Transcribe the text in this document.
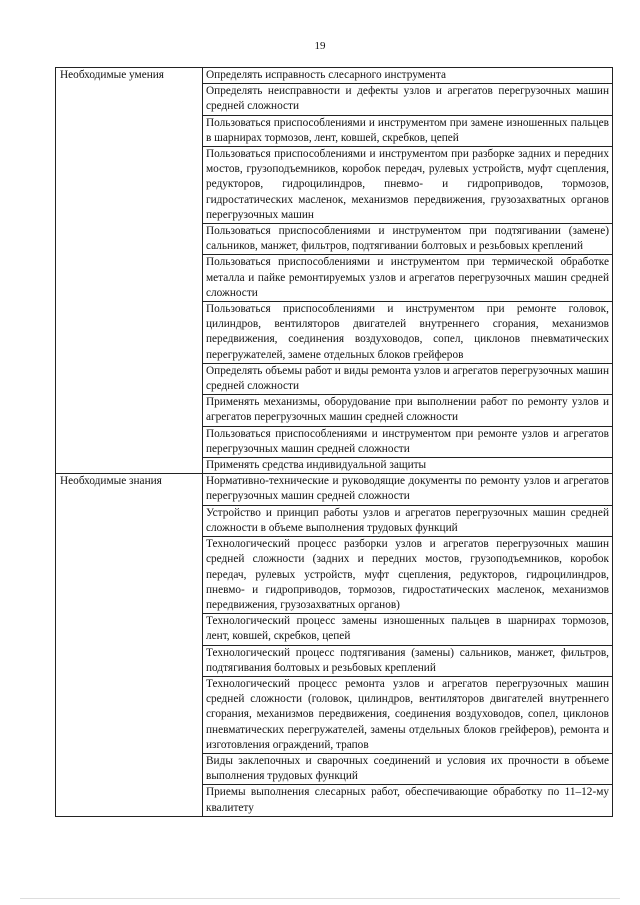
19
Необходимые умения	Определять исправность слесарного инструмента
	Определять неисправности и дефекты узлов и агрегатов перегрузочных машин средней сложности
	Пользоваться приспособлениями и инструментом при замене изношенных пальцев в шарнирах тормозов, лент, ковшей, скребков, цепей
	Пользоваться приспособлениями и инструментом при разборке задних и передних мостов, грузоподъемников, коробок передач, рулевых устройств, муфт сцепления, редукторов, гидроцилиндров, пневмо- и гидроприводов, тормозов, гидростатических масленок, механизмов передвижения, грузозахватных органов перегрузочных машин
	Пользоваться приспособлениями и инструментом при подтягивании (замене) сальников, манжет, фильтров, подтягивании болтовых и резьбовых креплений
	Пользоваться приспособлениями и инструментом при термической обработке металла и пайке ремонтируемых узлов и агрегатов перегрузочных машин средней сложности
	Пользоваться приспособлениями и инструментом при ремонте головок, цилиндров, вентиляторов двигателей внутреннего сгорания, механизмов передвижения, соединения воздуховодов, сопел, циклонов пневматических перегружателей, замене отдельных блоков грейферов
	Определять объемы работ и виды ремонта узлов и агрегатов перегрузочных машин средней сложности
	Применять механизмы, оборудование при выполнении работ по ремонту узлов и агрегатов перегрузочных машин средней сложности
	Пользоваться приспособлениями и инструментом при ремонте узлов и агрегатов перегрузочных машин средней сложности
	Применять средства индивидуальной защиты
Необходимые знания	Нормативно-технические и руководящие документы по ремонту узлов и агрегатов перегрузочных машин средней сложности
	Устройство и принцип работы узлов и агрегатов перегрузочных машин средней сложности в объеме выполнения трудовых функций
	Технологический процесс разборки узлов и агрегатов перегрузочных машин средней сложности (задних и передних мостов, грузоподъемников, коробок передач, рулевых устройств, муфт сцепления, редукторов, гидроцилиндров, пневмо- и гидроприводов, тормозов, гидростатических масленок, механизмов передвижения, грузозахватных органов)
	Технологический процесс замены изношенных пальцев в шарнирах тормозов, лент, ковшей, скребков, цепей
	Технологический процесс подтягивания (замены) сальников, манжет, фильтров, подтягивания болтовых и резьбовых креплений
	Технологический процесс ремонта узлов и агрегатов перегрузочных машин средней сложности (головок, цилиндров, вентиляторов двигателей внутреннего сгорания, механизмов передвижения, соединения воздуховодов, сопел, циклонов пневматических перегружателей, замены отдельных блоков грейферов), ремонта и изготовления ограждений, трапов
	Виды заклепочных и сварочных соединений и условия их прочности в объеме выполнения трудовых функций
	Приемы выполнения слесарных работ, обеспечивающие обработку по 11–12-му квалитету
